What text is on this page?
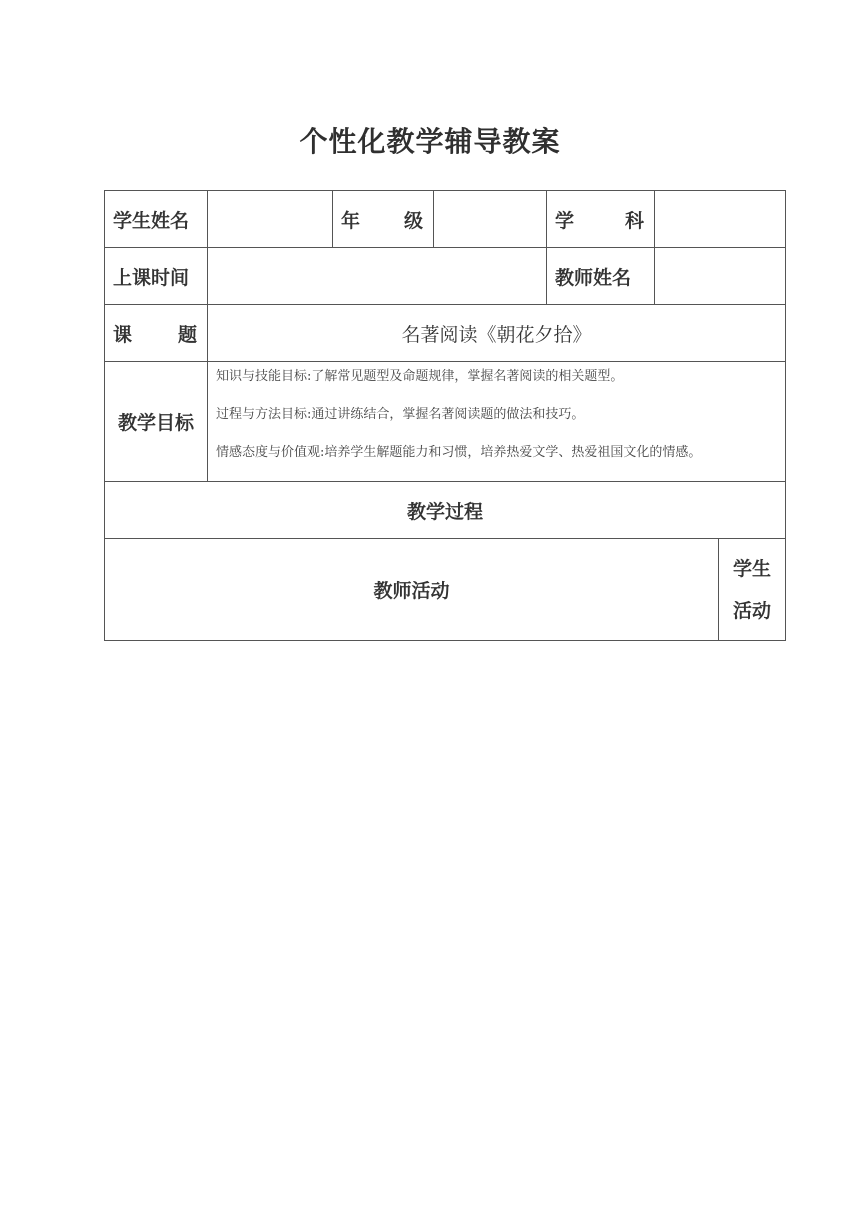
个性化教学辅导教案
学生姓名		年 级		学 科		

上课时间				教师姓名		

课 题	名著阅读《朝花夕拾》					
教学目标	知识与技能目标:了解常见题型及命题规律，掌握名著阅读的相关题型。

过程与方法目标:通过讲练结合，掌握名著阅读题的做法和技巧。

情感态度与价值观:培养学生解题能力和习惯，培养热爱文学、热爱祖国文化的情感。					

教学过程						
教师活动						学生
活动
